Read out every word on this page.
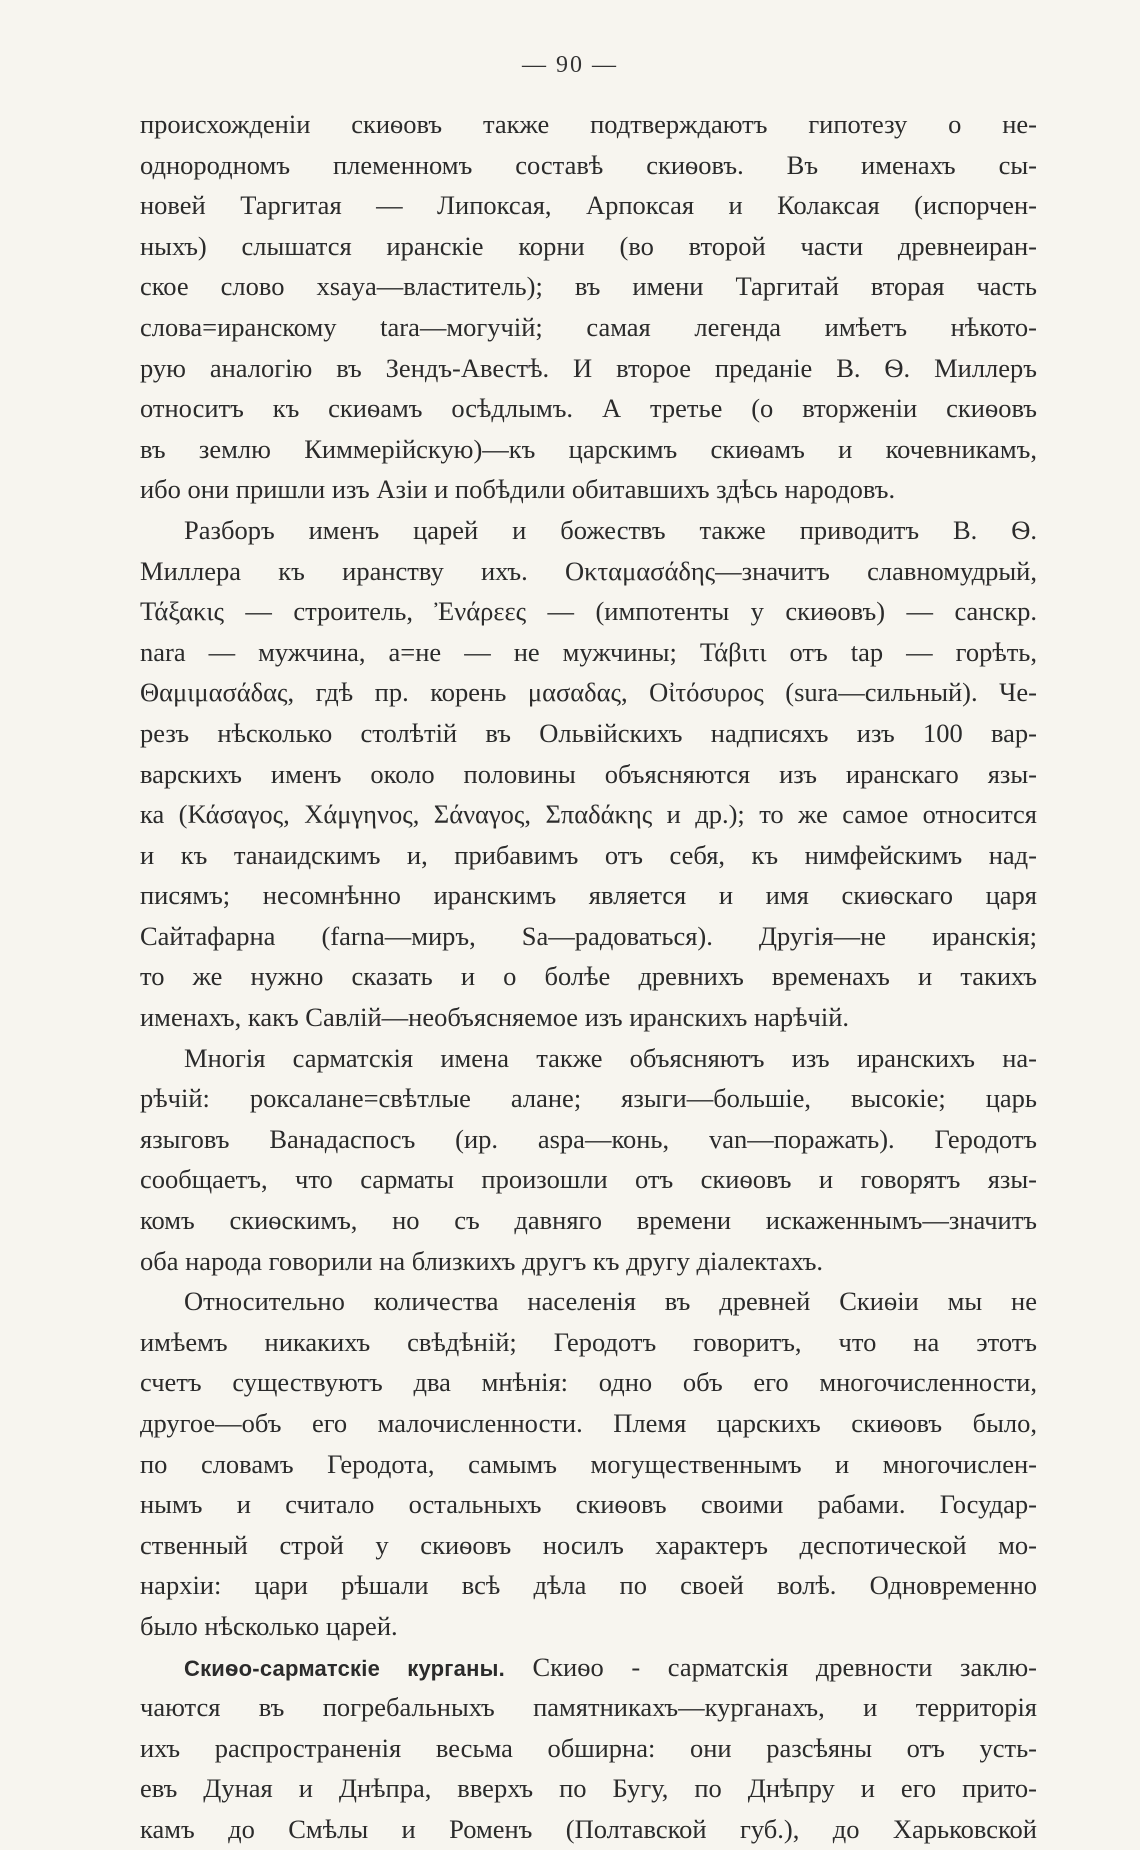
— 90 —
происхожденіи скиѳовъ также подтверждаютъ гипотезу о не-
однородномъ племенномъ составѣ скиѳовъ. Въ именахъ сы-
новей Таргитая — Липоксая, Арпоксая и Колаксая (испорчен-
ныхъ) слышатся иранскіе корни (во второй части древнеиран-
ское слово xsaya—властитель); въ имени Таргитай вторая часть
слова=иранскому tara—могучій; самая легенда имѣетъ нѣкото-
рую аналогію въ Зендъ-Авестѣ. И второе преданіе В. Ѳ. Миллеръ
относитъ къ скиѳамъ осѣдлымъ. А третье (о вторженіи скиѳовъ
въ землю Киммерійскую)—къ царскимъ скиѳамъ и кочевникамъ,
ибо они пришли изъ Азіи и побѣдили обитавшихъ здѣсь народовъ.
Разборъ именъ царей и божествъ также приводитъ В. Ѳ.
Миллера къ иранству ихъ. Οκταμασάδης—значитъ славномудрый,
Τάξακις — строитель, Ἐνάρεες — (импотенты у скиѳовъ) — санскр.
nara — мужчина, a=не — не мужчины; Τάβιτι отъ tap — горѣть,
Θαμιμασάδας, гдѣ пр. корень μασαδας, Οἰτόσυρος (sura—сильный). Че-
резъ нѣсколько столѣтій въ Ольвійскихъ надписяхъ изъ 100 вар-
варскихъ именъ около половины объясняются изъ иранскаго язы-
ка (Κάσαγος, Χάμγηνος, Σάναγος, Σπαδάκης и др.); то же самое относится
и къ танаидскимъ и, прибавимъ отъ себя, къ нимфейскимъ над-
писямъ; несомнѣнно иранскимъ является и имя скиѳскаго царя
Сайтафарна (farna—миръ, Sa—радоваться). Другія—не иранскія;
то же нужно сказать и о болѣе древнихъ временахъ и такихъ
именахъ, какъ Савлій—необъясняемое изъ иранскихъ нарѣчій.
Многія сарматскія имена также объясняютъ изъ иранскихъ на-
рѣчій: роксалане=свѣтлые алане; языги—большіе, высокіе; царь
языговъ Ванадаспосъ (ир. aspa—конь, van—поражать). Геродотъ
сообщаетъ, что сарматы произошли отъ скиѳовъ и говорятъ язы-
комъ скиѳскимъ, но съ давняго времени искаженнымъ—значитъ
оба народа говорили на близкихъ другъ къ другу діалектахъ.
Относительно количества населенія въ древней Скиѳіи мы не
имѣемъ никакихъ свѣдѣній; Геродотъ говоритъ, что на этотъ
счетъ существуютъ два мнѣнія: одно объ его многочисленности,
другое—объ его малочисленности. Племя царскихъ скиѳовъ было,
по словамъ Геродота, самымъ могущественнымъ и многочислен-
нымъ и считало остальныхъ скиѳовъ своими рабами. Государ-
ственный строй у скиѳовъ носилъ характеръ деспотической мо-
нархіи: цари рѣшали всѣ дѣла по своей волѣ. Одновременно
было нѣсколько царей.
Скиѳо-сарматскіе курганы. Скиѳо - сарматскія древности заклю-
чаются въ погребальныхъ памятникахъ—курганахъ, и территорія
ихъ распространенія весьма обширна: они разсѣяны отъ усть-
евъ Дуная и Днѣпра, вверхъ по Бугу, по Днѣпру и его прито-
камъ до Смѣлы и Роменъ (Полтавской губ.), до Харьковской
